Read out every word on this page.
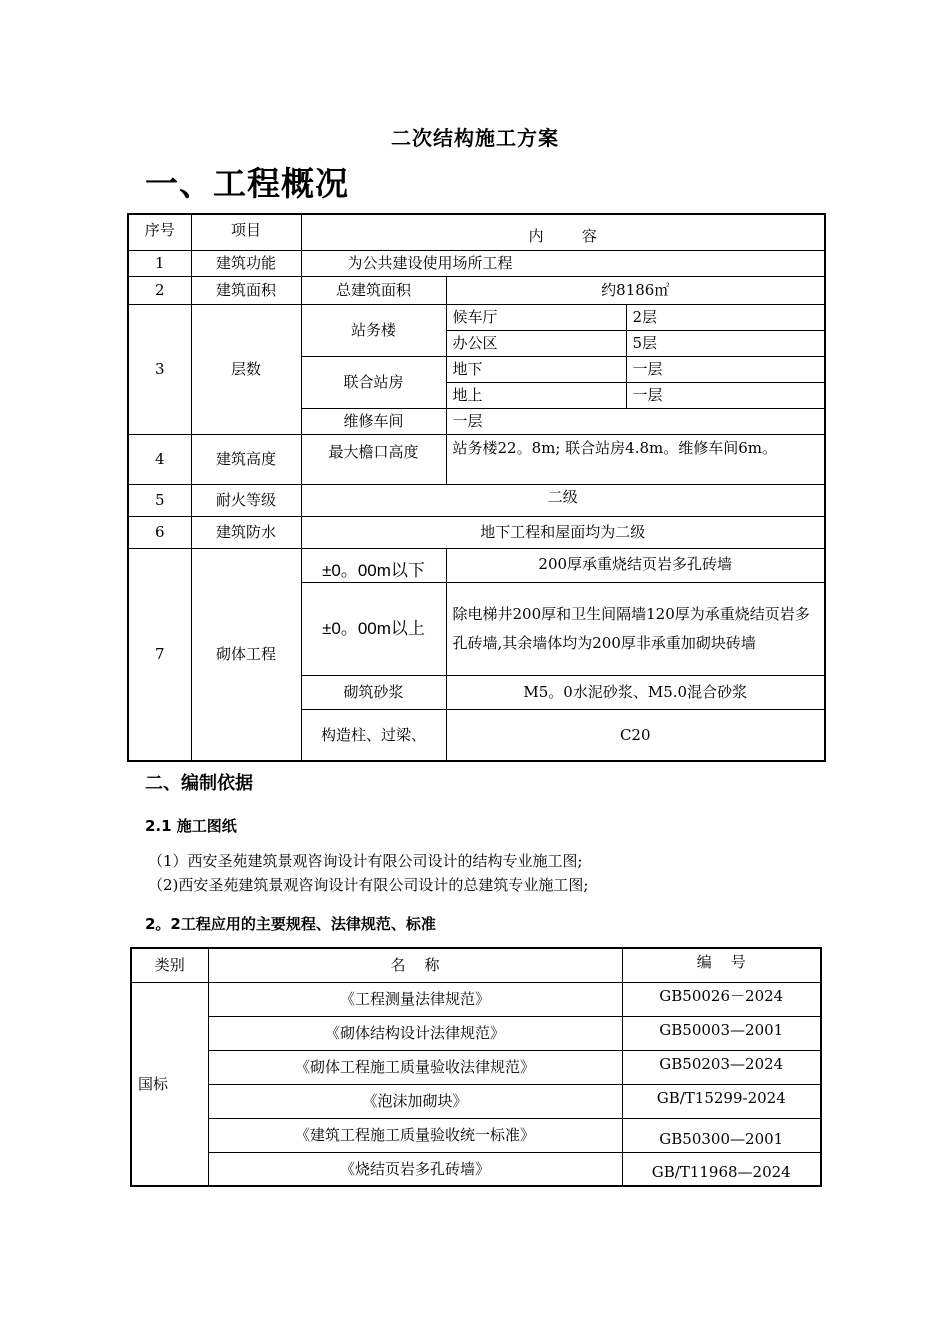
二次结构施工方案
一、工程概况
序号	项目	内        容		
1	建筑功能	为公共建设使用场所工程		
2	建筑面积	总建筑面积	约8186㎡	
3	层数	站务楼	候车厅	2层
			办公区	5层
		联合站房	地下	一层
			地上	一层
		维修车间	一层	
4	建筑高度	最大檐口高度	站务楼22。8m; 联合站房4.8m。维修车间6m。	
5	耐火等级	二级		
6	建筑防水	地下工程和屋面均为二级		
7	砌体工程	±0。00m以下	200厚承重烧结页岩多孔砖墙	
		±0。00m以上	除电梯井200厚和卫生间隔墙120厚为承重烧结页岩多孔砖墙,其余墙体均为200厚非承重加砌块砖墙	
		砌筑砂浆	M5。0水泥砂浆、M5.0混合砂浆	
		构造柱、过梁、	C20	
二、编制依据
2.1 施工图纸
（1）西安圣苑建筑景观咨询设计有限公司设计的结构专业施工图;
（2)西安圣苑建筑景观咨询设计有限公司设计的总建筑专业施工图;
2。2工程应用的主要规程、法律规范、标准
类别	名    称	编    号
国标	《工程测量法律规范》	GB50026－2024
	《砌体结构设计法律规范》	GB50003—2001
	《砌体工程施工质量验收法律规范》	GB50203—2024
	《泡沫加砌块》	GB/T15299-2024
	《建筑工程施工质量验收统一标准》	GB50300—2001
	《烧结页岩多孔砖墙》	GB/T11968—2024
